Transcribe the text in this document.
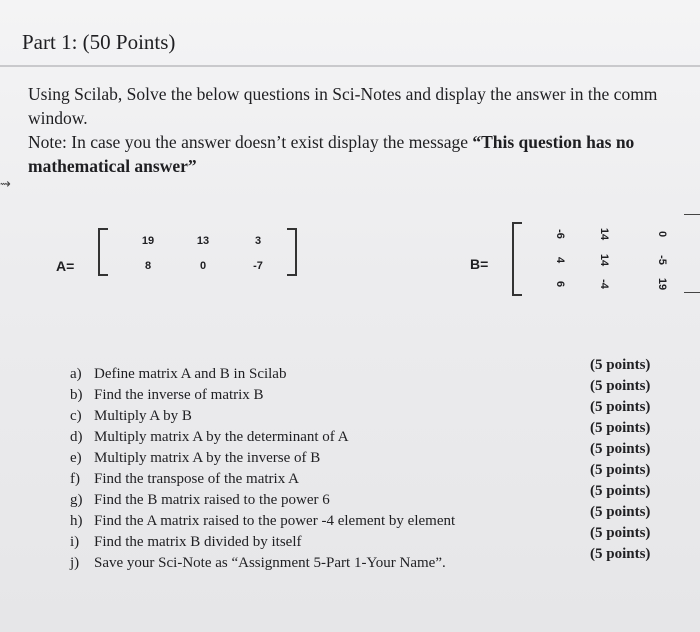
Part 1: (50 Points)
Using Scilab, Solve the below questions in Sci-Notes and display the answer in the comm
window.
Note: In case you the answer doesn’t exist display the message “This question has no
mathematical answer”
⇝
A=
19	13	3
8	0	-7	B=
-6	14	0
4	14	-5
6	-4	19
a) Define matrix A and B in Scilab
b) Find the inverse of matrix B
c) Multiply A by B
d) Multiply matrix A by the determinant of A
e) Multiply matrix A by the inverse of B
f) Find the transpose of the matrix A
g) Find the B matrix raised to the power 6
h) Find the A matrix raised to the power -4 element by element
i) Find the matrix B divided by itself
j) Save your Sci-Note as “Assignment 5-Part 1-Your Name”.
(5 points)
(5 points)
(5 points)
(5 points)
(5 points)
(5 points)
(5 points)
(5 points)
(5 points)
(5 points)
